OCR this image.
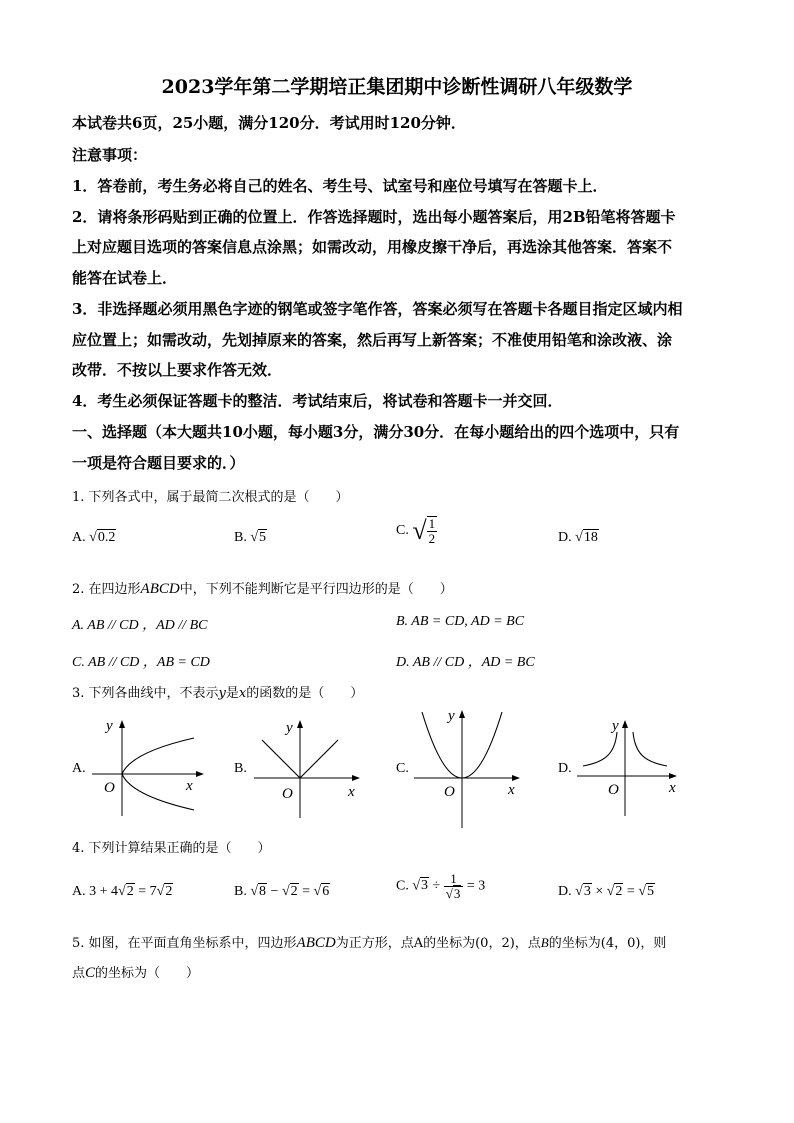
2023学年第二学期培正集团期中诊断性调研八年级数学
本试卷共6页，25小题，满分120分．考试用时120分钟．
注意事项：
1．答卷前，考生务必将自己的姓名、考生号、试室号和座位号填写在答题卡上．
2．请将条形码贴到正确的位置上．作答选择题时，选出每小题答案后，用2B铅笔将答题卡
上对应题目选项的答案信息点涂黑；如需改动，用橡皮擦干净后，再选涂其他答案．答案不
能答在试卷上．
3．非选择题必须用黑色字迹的钢笔或签字笔作答，答案必须写在答题卡各题目指定区域内相
应位置上；如需改动，先划掉原来的答案，然后再写上新答案；不准使用铅笔和涂改液、涂
改带．不按以上要求作答无效．
4．考生必须保证答题卡的整洁．考试结束后，将试卷和答题卡一并交回．
一、选择题（本大题共10小题，每小题3分，满分30分．在每小题给出的四个选项中，只有
一项是符合题目要求的．）
1. 下列各式中，属于最简二次根式的是（　　）
A. √0.2	B. √5	C. √ $\frac{1}{2}$	D. √18
2. 在四边形ABCD中，下列不能判断它是平行四边形的是（　　）
A. AB // CD ，AD // BC	B. AB = CD, AD = BC
C. AB // CD ，AB = CD	D. AB // CD ，AD = BC
3. 下列各曲线中，不表示y是x的函数的是（　　）
A.	B.	C.	D.
y
O	x
y
O	x
y
O	x
y
O	x
4. 下列计算结果正确的是（　　）
A. 3 + 4√2 = 7√2	B. √8 − √2 = √6	C. $√3 \div \frac{1}{√3} = 3$	D. √3 × √2 = √5
5. 如图，在平面直角坐标系中，四边形ABCD为正方形，点A的坐标为(0，2)，点B的坐标为(4，0)，则
点C的坐标为（　　）
